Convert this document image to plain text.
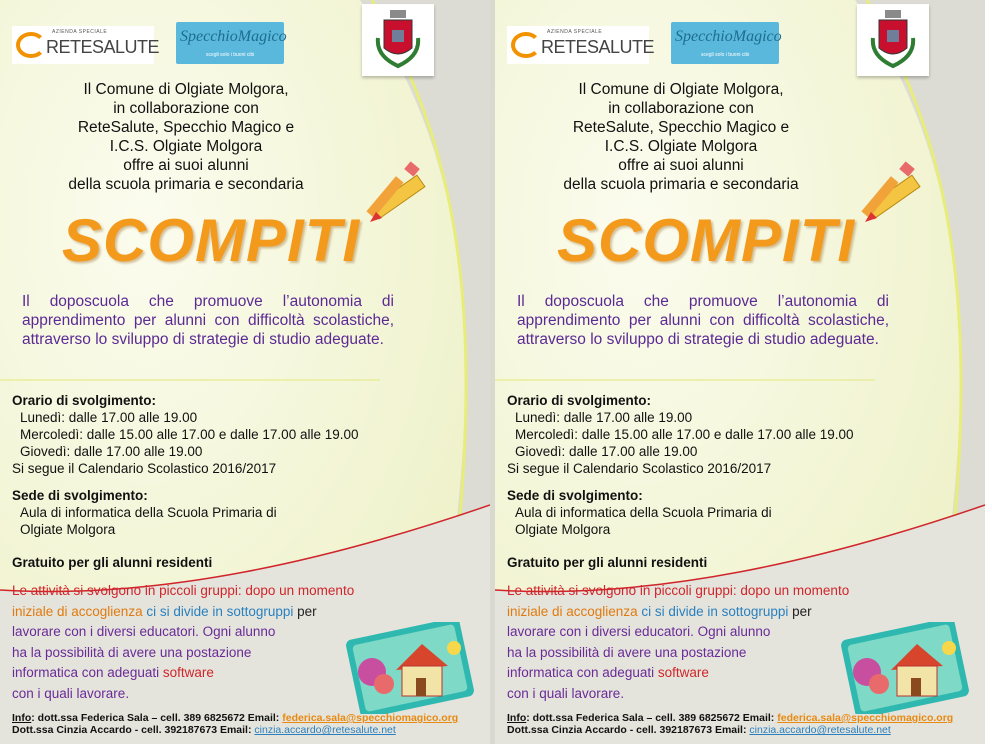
AZIENDA SPECIALE
RETESALUTE
SpecchioMagico
scegli solo i buoni cibi
Il Comune di Olgiate Molgora,
in collaborazione con
ReteSalute, Specchio Magico e
I.C.S. Olgiate Molgora
offre ai suoi alunni
della scuola primaria e secondaria
SCOMPITI
Il doposcuola che promuove l’autonomia di apprendimento per alunni con difficoltà scolastiche, attraverso lo sviluppo di strategie di studio adeguate.
Orario di svolgimento:
Lunedì: dalle 17.00 alle 19.00
Mercoledì: dalle 15.00 alle 17.00 e dalle 17.00 alle 19.00
Giovedì: dalle 17.00 alle 19.00
Si segue il Calendario Scolastico 2016/2017
Sede di svolgimento:
Aula di informatica della Scuola Primaria di
Olgiate Molgora
Gratuito per gli alunni residenti
Le attività si svolgono in piccoli gruppi: dopo un momento
iniziale di accoglienza ci si divide in sottogruppi per
lavorare con i diversi educatori. Ogni alunno
ha la possibilità di avere una postazione
informatica con adeguati software
con i quali lavorare.
Info: dott.ssa Federica Sala – cell. 389 6825672 Email: federica.sala@specchiomagico.org
Dott.ssa Cinzia Accardo - cell. 392187673 Email: cinzia.accardo@retesalute.net
AZIENDA SPECIALE
RETESALUTE
SpecchioMagico
scegli solo i buoni cibi
Il Comune di Olgiate Molgora,
in collaborazione con
ReteSalute, Specchio Magico e
I.C.S. Olgiate Molgora
offre ai suoi alunni
della scuola primaria e secondaria
SCOMPITI
Il doposcuola che promuove l’autonomia di apprendimento per alunni con difficoltà scolastiche, attraverso lo sviluppo di strategie di studio adeguate.
Orario di svolgimento:
Lunedì: dalle 17.00 alle 19.00
Mercoledì: dalle 15.00 alle 17.00 e dalle 17.00 alle 19.00
Giovedì: dalle 17.00 alle 19.00
Si segue il Calendario Scolastico 2016/2017
Sede di svolgimento:
Aula di informatica della Scuola Primaria di
Olgiate Molgora
Gratuito per gli alunni residenti
Le attività si svolgono in piccoli gruppi: dopo un momento
iniziale di accoglienza ci si divide in sottogruppi per
lavorare con i diversi educatori. Ogni alunno
ha la possibilità di avere una postazione
informatica con adeguati software
con i quali lavorare.
Info: dott.ssa Federica Sala – cell. 389 6825672 Email: federica.sala@specchiomagico.org
Dott.ssa Cinzia Accardo - cell. 392187673 Email: cinzia.accardo@retesalute.net
